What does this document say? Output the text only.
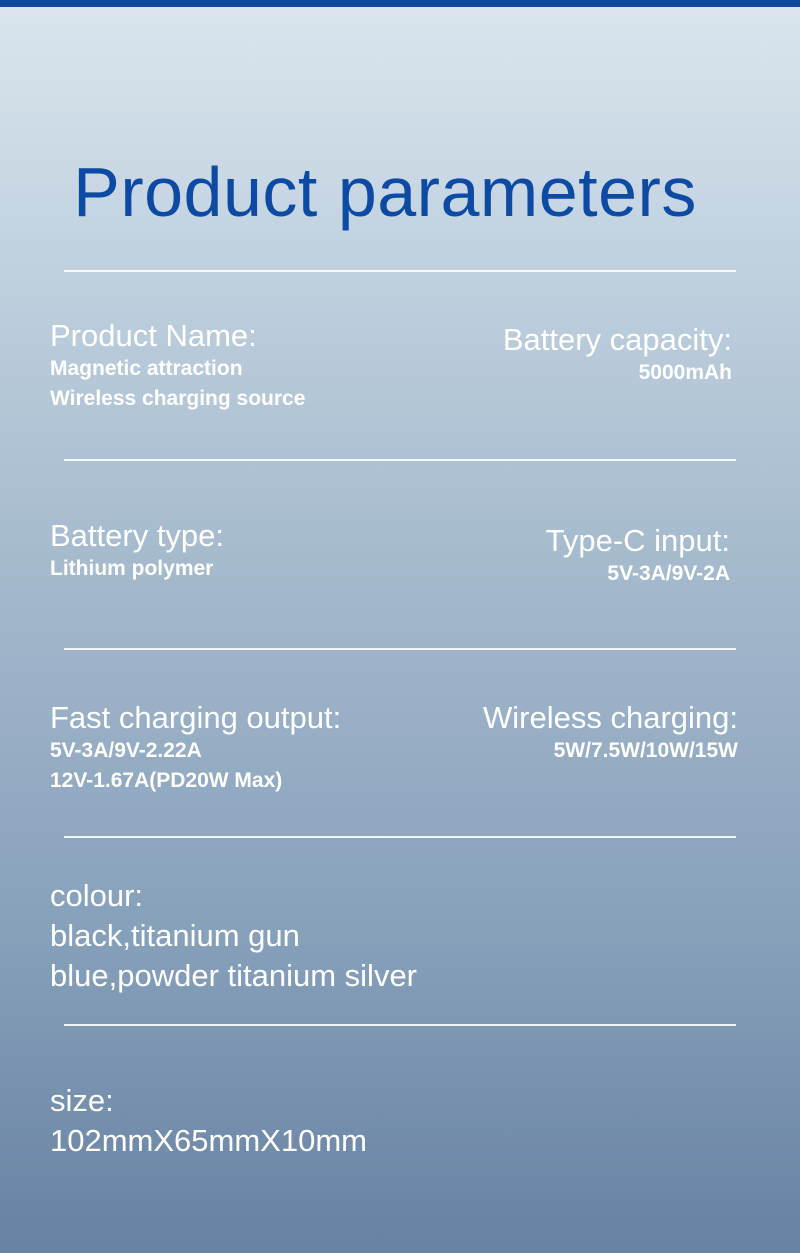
Product parameters
Product Name:
Magnetic attraction
Wireless charging source
Battery capacity:
5000mAh
Battery type:
Lithium polymer
Type-C input:
5V-3A/9V-2A
Fast charging output:
5V-3A/9V-2.22A
12V-1.67A(PD20W Max)
Wireless charging:
5W/7.5W/10W/15W
colour:
black,titanium gun
blue,powder titanium silver
size:
102mmX65mmX10mm
